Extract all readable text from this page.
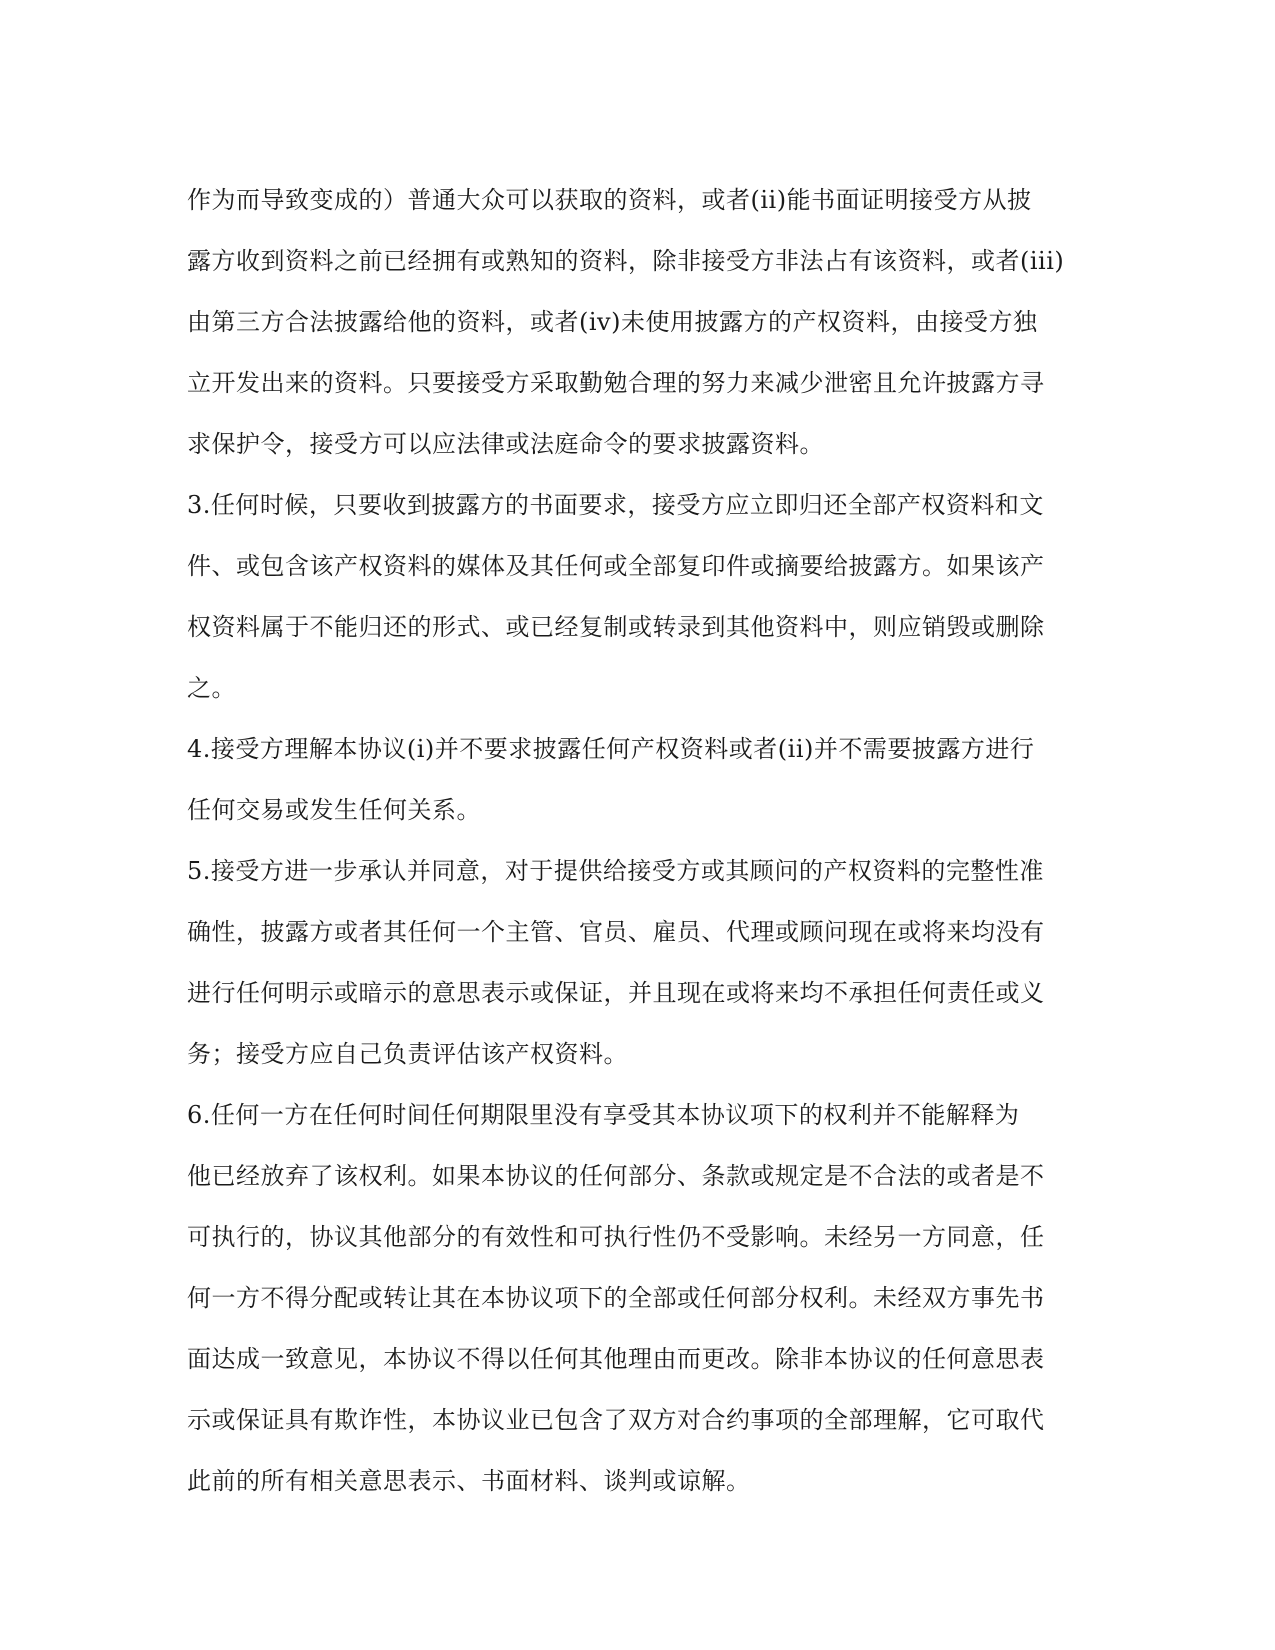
作为而导致变成的）普通大众可以获取的资料，或者(ii)能书面证明接受方从披
露方收到资料之前已经拥有或熟知的资料，除非接受方非法占有该资料，或者(iii)
由第三方合法披露给他的资料，或者(iv)未使用披露方的产权资料，由接受方独
立开发出来的资料。只要接受方采取勤勉合理的努力来减少泄密且允许披露方寻
求保护令，接受方可以应法律或法庭命令的要求披露资料。
3.任何时候，只要收到披露方的书面要求，接受方应立即归还全部产权资料和文
件、或包含该产权资料的媒体及其任何或全部复印件或摘要给披露方。如果该产
权资料属于不能归还的形式、或已经复制或转录到其他资料中，则应销毁或删除
之。
4.接受方理解本协议(i)并不要求披露任何产权资料或者(ii)并不需要披露方进行
任何交易或发生任何关系。
5.接受方进一步承认并同意，对于提供给接受方或其顾问的产权资料的完整性准
确性，披露方或者其任何一个主管、官员、雇员、代理或顾问现在或将来均没有
进行任何明示或暗示的意思表示或保证，并且现在或将来均不承担任何责任或义
务；接受方应自己负责评估该产权资料。
6.任何一方在任何时间任何期限里没有享受其本协议项下的权利并不能解释为
他已经放弃了该权利。如果本协议的任何部分、条款或规定是不合法的或者是不
可执行的，协议其他部分的有效性和可执行性仍不受影响。未经另一方同意，任
何一方不得分配或转让其在本协议项下的全部或任何部分权利。未经双方事先书
面达成一致意见，本协议不得以任何其他理由而更改。除非本协议的任何意思表
示或保证具有欺诈性，本协议业已包含了双方对合约事项的全部理解，它可取代
此前的所有相关意思表示、书面材料、谈判或谅解。
